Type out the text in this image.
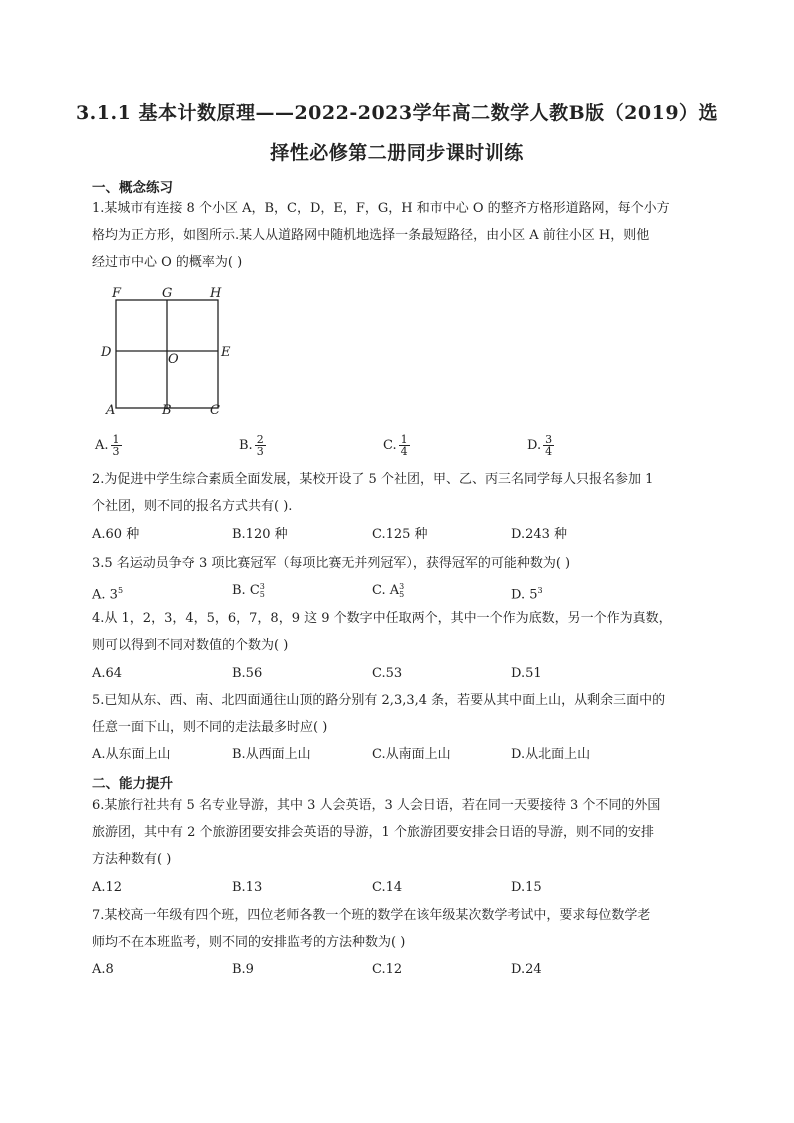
3.1.1 基本计数原理——2022-2023学年高二数学人教B版（2019）选
择性必修第二册同步课时训练
一、概念练习
1.某城市有连接 8 个小区 A，B，C，D，E，F，G，H 和市中心 O 的整齐方格形道路网，每个小方
格均为正方形，如图所示.某人从道路网中随机地选择一条最短路径，由小区 A 前往小区 H，则他
经过市中心 O 的概率为( )
F	G	H
D	O	E
A	B	C
A. $\frac{1}{3}$	B. $\frac{2}{3}$	C. $\frac{1}{4}$	D. $\frac{3}{4}$
2.为促进中学生综合素质全面发展，某校开设了 5 个社团，甲、乙、丙三名同学每人只报名参加 1
个社团，则不同的报名方式共有( ).
A.60 种	B.120 种	C.125 种	D.243 种
3.5 名运动员争夺 3 项比赛冠军（每项比赛无并列冠军），获得冠军的可能种数为( )
A. $3^5$	B. C 3
5	C. A 3
5	D. $5^3$
4.从 1，2，3，4，5，6，7，8，9 这 9 个数字中任取两个，其中一个作为底数，另一个作为真数，
则可以得到不同对数值的个数为( )
A.64	B.56	C.53	D.51
5.已知从东、西、南、北四面通往山顶的路分别有 2,3,3,4 条，若要从其中面上山，从剩余三面中的
任意一面下山，则不同的走法最多时应( )
A.从东面上山	B.从西面上山	C.从南面上山	D.从北面上山
二、能力提升
6.某旅行社共有 5 名专业导游，其中 3 人会英语，3 人会日语，若在同一天要接待 3 个不同的外国
旅游团，其中有 2 个旅游团要安排会英语的导游，1 个旅游团要安排会日语的导游，则不同的安排
方法种数有( )
A.12	B.13	C.14	D.15
7.某校高一年级有四个班，四位老师各教一个班的数学在该年级某次数学考试中，要求每位数学老
师均不在本班监考，则不同的安排监考的方法种数为( )
A.8	B.9	C.12	D.24
